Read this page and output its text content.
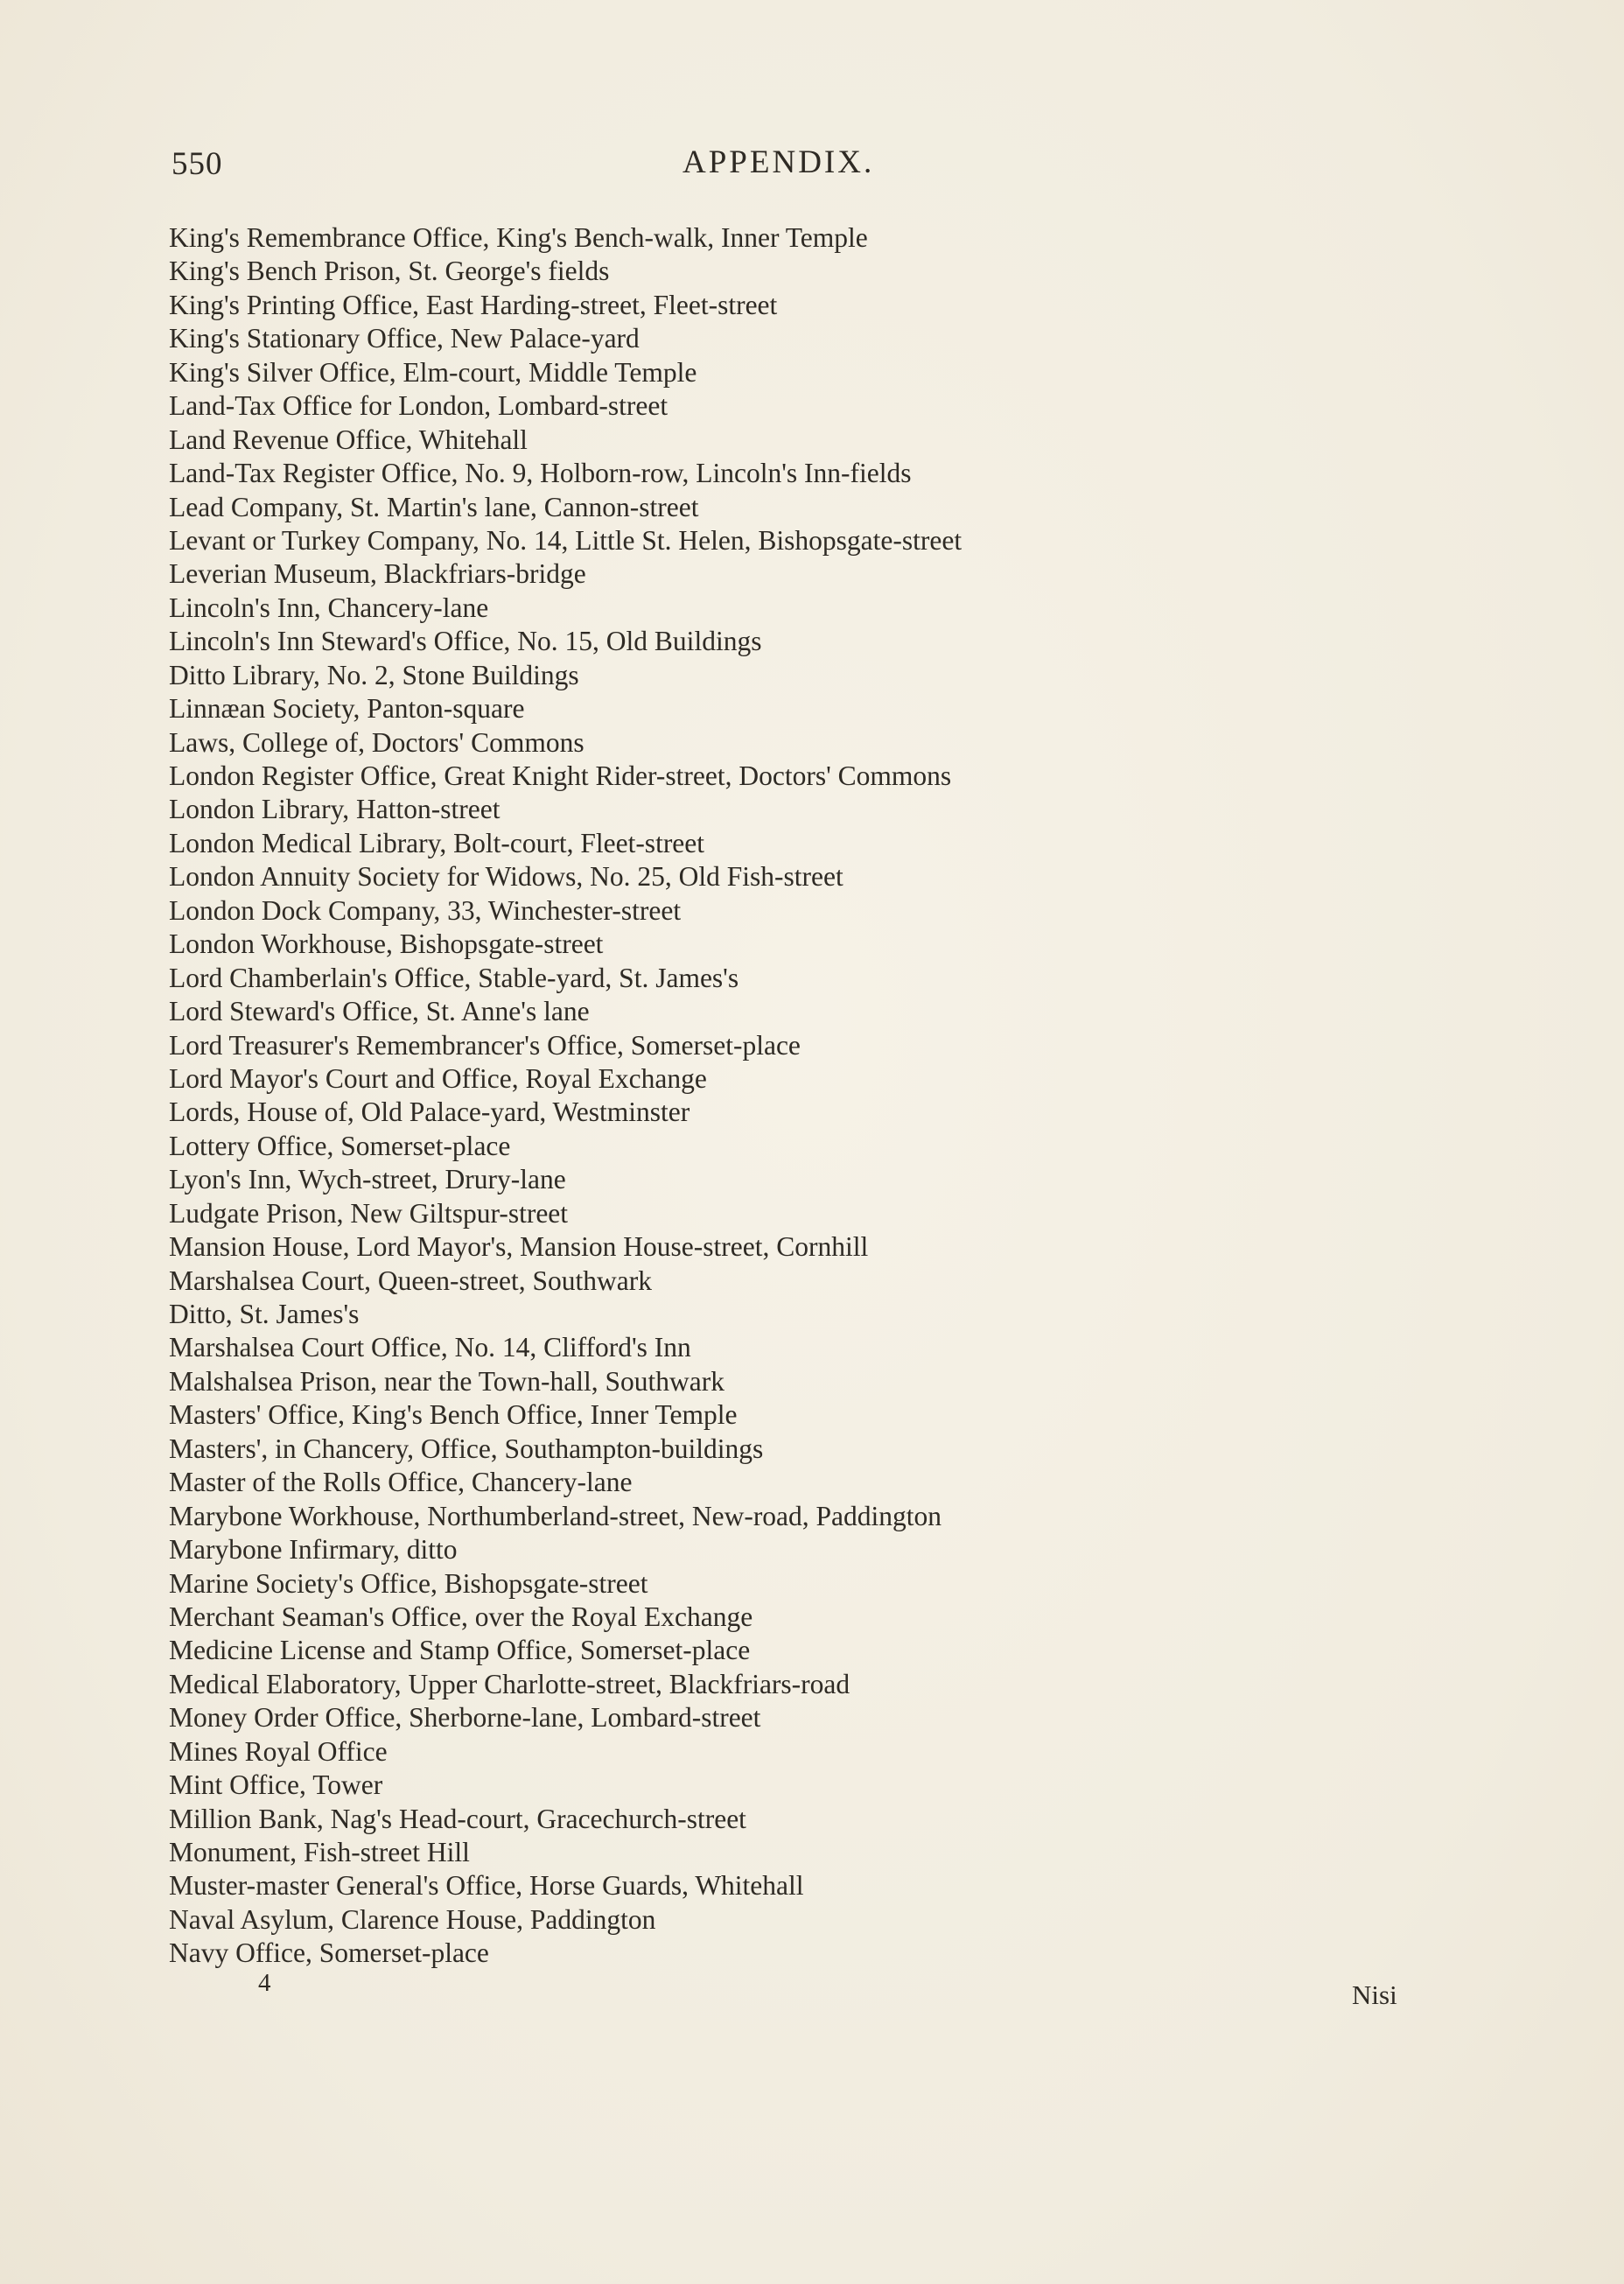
550	APPENDIX.
King's Remembrance Office, King's Bench-walk, Inner Temple
King's Bench Prison, St. George's fields
King's Printing Office, East Harding-street, Fleet-street
King's Stationary Office, New Palace-yard
King's Silver Office, Elm-court, Middle Temple
Land-Tax Office for London, Lombard-street
Land Revenue Office, Whitehall
Land-Tax Register Office, No. 9, Holborn-row, Lincoln's Inn-fields
Lead Company, St. Martin's lane, Cannon-street
Levant or Turkey Company, No. 14, Little St. Helen, Bishopsgate-street
Leverian Museum, Blackfriars-bridge
Lincoln's Inn, Chancery-lane
Lincoln's Inn Steward's Office, No. 15, Old Buildings
Ditto Library, No. 2, Stone Buildings
Linnæan Society, Panton-square
Laws, College of, Doctors' Commons
London Register Office, Great Knight Rider-street, Doctors' Commons
London Library, Hatton-street
London Medical Library, Bolt-court, Fleet-street
London Annuity Society for Widows, No. 25, Old Fish-street
London Dock Company, 33, Winchester-street
London Workhouse, Bishopsgate-street
Lord Chamberlain's Office, Stable-yard, St. James's
Lord Steward's Office, St. Anne's lane
Lord Treasurer's Remembrancer's Office, Somerset-place
Lord Mayor's Court and Office, Royal Exchange
Lords, House of, Old Palace-yard, Westminster
Lottery Office, Somerset-place
Lyon's Inn, Wych-street, Drury-lane
Ludgate Prison, New Giltspur-street
Mansion House, Lord Mayor's, Mansion House-street, Cornhill
Marshalsea Court, Queen-street, Southwark
Ditto, St. James's
Marshalsea Court Office, No. 14, Clifford's Inn
Malshalsea Prison, near the Town-hall, Southwark
Masters' Office, King's Bench Office, Inner Temple
Masters', in Chancery, Office, Southampton-buildings
Master of the Rolls Office, Chancery-lane
Marybone Workhouse, Northumberland-street, New-road, Paddington
Marybone Infirmary, ditto
Marine Society's Office, Bishopsgate-street
Merchant Seaman's Office, over the Royal Exchange
Medicine License and Stamp Office, Somerset-place
Medical Elaboratory, Upper Charlotte-street, Blackfriars-road
Money Order Office, Sherborne-lane, Lombard-street
Mines Royal Office
Mint Office, Tower
Million Bank, Nag's Head-court, Gracechurch-street
Monument, Fish-street Hill
Muster-master General's Office, Horse Guards, Whitehall
Naval Asylum, Clarence House, Paddington
Navy Office, Somerset-place
4	Nisi
